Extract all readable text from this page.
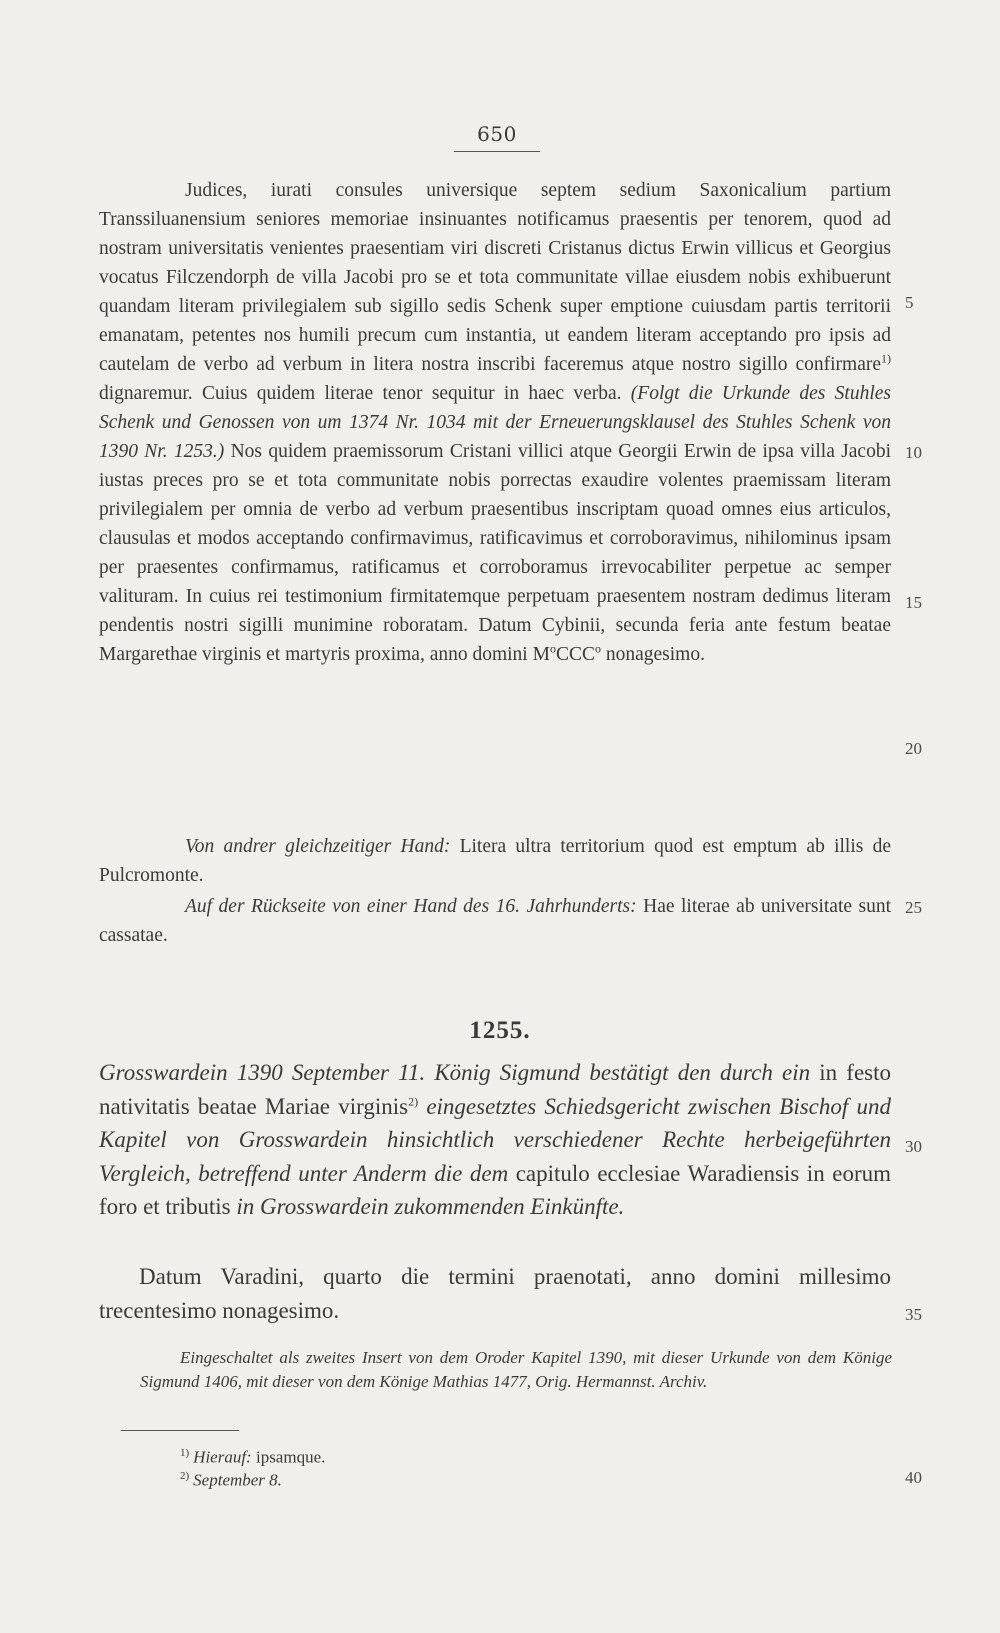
650
Judices, iurati consules universique septem sedium Saxonicalium partium Transsiluanensium seniores memoriae insinuantes notificamus praesentis per tenorem, quod ad nostram universitatis venientes praesentiam viri discreti Cristanus dictus Erwin villicus et Georgius vocatus Filczendorph de villa Jacobi pro se et tota communitate villae eiusdem nobis exhibuerunt quandam literam privilegialem sub sigillo sedis Schenk super emptione cuiusdam partis territorii emanatam, petentes nos humili precum cum instantia, ut eandem literam acceptando pro ipsis ad cautelam de verbo ad verbum in litera nostra inscribi faceremus atque nostro sigillo confirmare$^{1)}$ dignaremur. Cuius quidem literae tenor sequitur in haec verba. (Folgt die Urkunde des Stuhles Schenk und Genossen von um 1374 Nr. 1034 mit der Erneuerungsklausel des Stuhles Schenk von 1390 Nr. 1253.) Nos quidem praemissorum Cristani villici atque Georgii Erwin de ipsa villa Jacobi iustas preces pro se et tota communitate nobis porrectas exaudire volentes praemissam literam privilegialem per omnia de verbo ad verbum praesentibus inscriptam quoad omnes eius articulos, clausulas et modos acceptando confirmavimus, ratificavimus et corroboravimus, nihilominus ipsam per praesentes confirmamus, ratificamus et corroboramus irrevocabiliter perpetue ac semper valituram. In cuius rei testimonium firmitatemque perpetuam praesentem nostram dedimus literam pendentis nostri sigilli munimine roboratam. Datum Cybinii, secunda feria ante festum beatae Margarethae virginis et martyris proxima, anno domini $M^oCCC^o$ nonagesimo.
Von andrer gleichzeitiger Hand: Litera ultra territorium quod est emptum ab illis de Pulcromonte.
Auf der Rückseite von einer Hand des 16. Jahrhunderts: Hae literae ab universitate sunt cassatae.
1255.
Grosswardein 1390 September 11. König Sigmund bestätigt den durch ein in festo nativitatis beatae Mariae virginis$^{2)}$ eingesetztes Schiedsgericht zwischen Bischof und Kapitel von Grosswardein hinsichtlich verschiedener Rechte herbeigeführten Vergleich, betreffend unter Anderm die dem capitulo ecclesiae Waradiensis in eorum foro et tributis in Grosswardein zukommenden Einkünfte.
Datum Varadini, quarto die termini praenotati, anno domini millesimo trecentesimo nonagesimo.
Eingeschaltet als zweites Insert von dem Oroder Kapitel 1390, mit dieser Urkunde von dem Könige Sigmund 1406, mit dieser von dem Könige Mathias 1477, Orig. Hermannst. Archiv.
$^{1)}$ Hierauf: ipsamque.
$^{2)}$ September 8.
5
10
15
20
25
30
35
40
